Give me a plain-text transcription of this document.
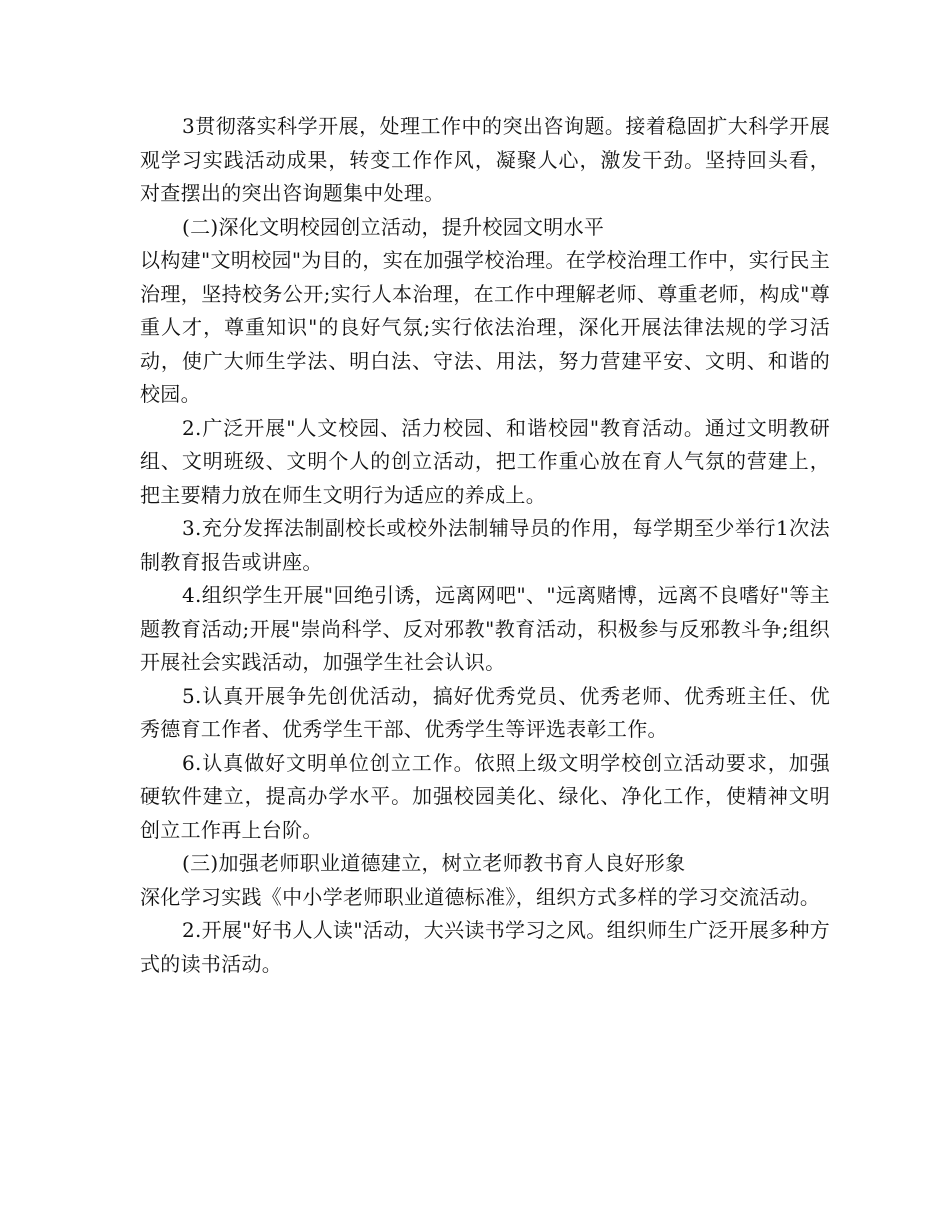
3贯彻落实科学开展，处理工作中的突出咨询题。接着稳固扩大科学开展观学习实践活动成果，转变工作作风，凝聚人心，激发干劲。坚持回头看，对查摆出的突出咨询题集中处理。

(二)深化文明校园创立活动，提升校园文明水平

以构建"文明校园"为目的，实在加强学校治理。在学校治理工作中，实行民主治理，坚持校务公开;实行人本治理，在工作中理解老师、尊重老师，构成"尊重人才，尊重知识"的良好气氛;实行依法治理，深化开展法律法规的学习活动，使广大师生学法、明白法、守法、用法，努力营建平安、文明、和谐的校园。

2.广泛开展"人文校园、活力校园、和谐校园"教育活动。通过文明教研组、文明班级、文明个人的创立活动，把工作重心放在育人气氛的营建上，把主要精力放在师生文明行为适应的养成上。

3.充分发挥法制副校长或校外法制辅导员的作用，每学期至少举行1次法制教育报告或讲座。

4.组织学生开展"回绝引诱，远离网吧"、"远离赌博，远离不良嗜好"等主题教育活动;开展"崇尚科学、反对邪教"教育活动，积极参与反邪教斗争;组织开展社会实践活动，加强学生社会认识。

5.认真开展争先创优活动，搞好优秀党员、优秀老师、优秀班主任、优秀德育工作者、优秀学生干部、优秀学生等评选表彰工作。

6.认真做好文明单位创立工作。依照上级文明学校创立活动要求，加强硬软件建立，提高办学水平。加强校园美化、绿化、净化工作，使精神文明创立工作再上台阶。

(三)加强老师职业道德建立，树立老师教书育人良好形象

深化学习实践《中小学老师职业道德标准》，组织方式多样的学习交流活动。

2.开展"好书人人读"活动，大兴读书学习之风。组织师生广泛开展多种方式的读书活动。
